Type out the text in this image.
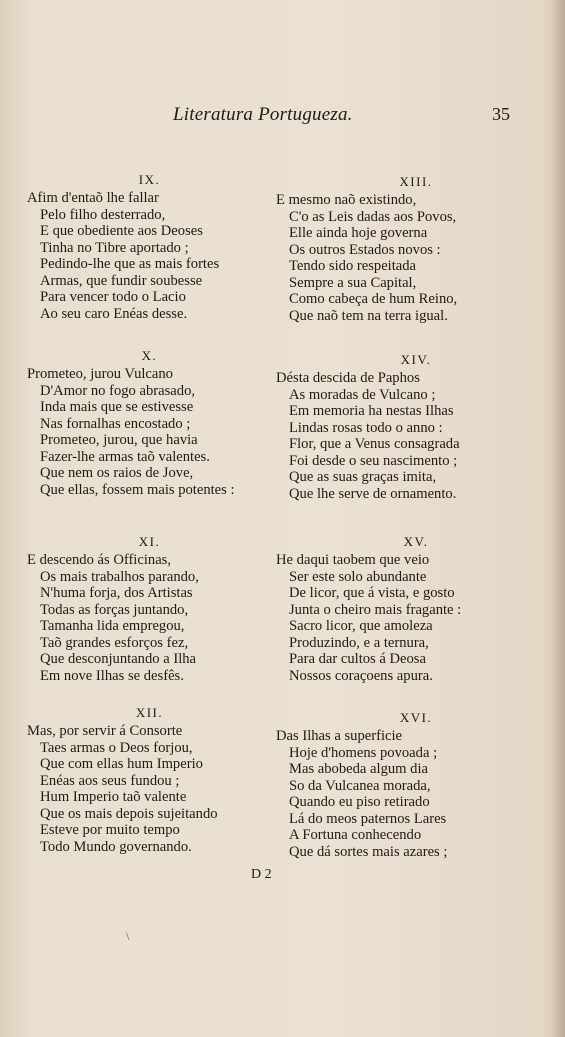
Literatura Portugueza.	35
IX.
Afim d'entaõ lhe fallar
Pelo filho desterrado,
E que obediente aos Deoses
Tinha no Tibre aportado ;
Pedindo-lhe que as mais fortes
Armas, que fundir soubesse
Para vencer todo o Lacio
Ao seu caro Enéas desse.
X.
Prometeo, jurou Vulcano
D'Amor no fogo abrasado,
Inda mais que se estivesse
Nas fornalhas encostado ;
Prometeo, jurou, que havia
Fazer-lhe armas taõ valentes.
Que nem os raios de Jove,
Que ellas, fossem mais potentes :
XI.
E descendo ás Officinas,
Os mais trabalhos parando,
N'huma forja, dos Artistas
Todas as forças juntando,
Tamanha lida empregou,
Taõ grandes esforços fez,
Que desconjuntando a Ilha
Em nove Ilhas se desfês.
XII.
Mas, por servir á Consorte
Taes armas o Deos forjou,
Que com ellas hum Imperio
Enéas aos seus fundou ;
Hum Imperio taõ valente
Que os mais depois sujeitando
Esteve por muito tempo
Todo Mundo governando.
XIII.
E mesmo naõ existindo,
C'o as Leis dadas aos Povos,
Elle ainda hoje governa
Os outros Estados novos :
Tendo sido respeitada
Sempre a sua Capital,
Como cabeça de hum Reino,
Que naõ tem na terra igual.
XIV.
Désta descida de Paphos
As moradas de Vulcano ;
Em memoria ha nestas Ilhas
Lindas rosas todo o anno :
Flor, que a Venus consagrada
Foi desde o seu nascimento ;
Que as suas graças imita,
Que lhe serve de ornamento.
XV.
He daqui taobem que veio
Ser este solo abundante
De licor, que á vista, e gosto
Junta o cheiro mais fragante :
Sacro licor, que amoleza
Produzindo, e a ternura,
Para dar cultos á Deosa
Nossos coraçoens apura.
XVI.
Das Ilhas a superficie
Hoje d'homens povoada ;
Mas abobeda algum dia
So da Vulcanea morada,
Quando eu piso retirado
Lá do meos paternos Lares
A Fortuna conhecendo
Que dá sortes mais azares ;
D 2
\
